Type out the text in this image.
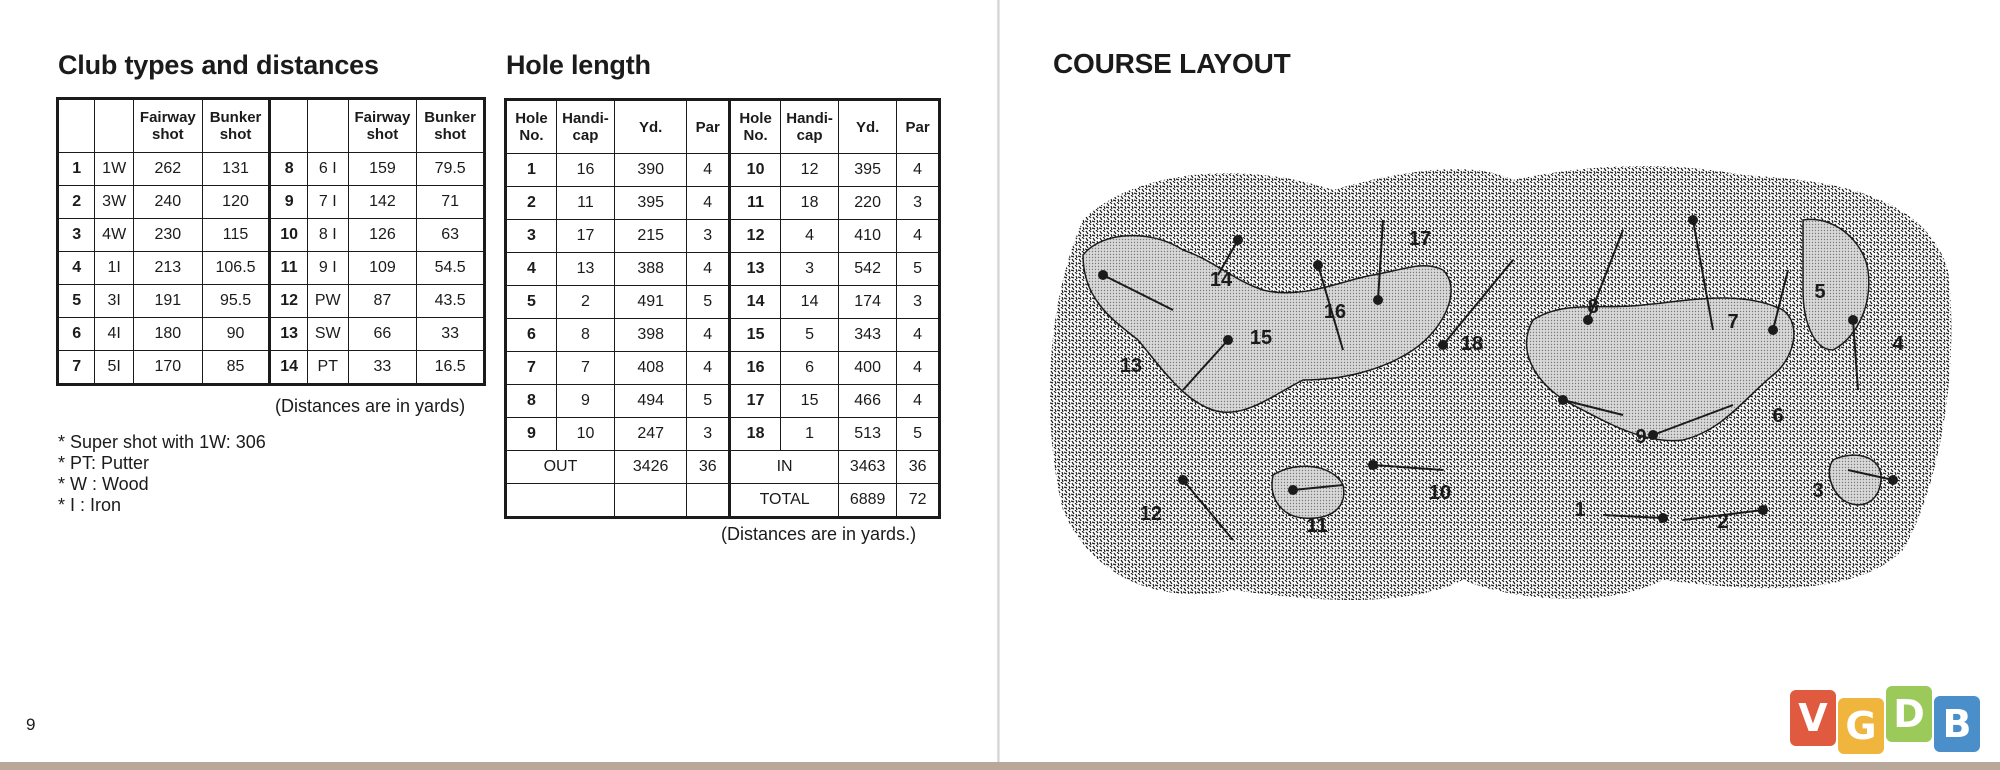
Club types and distances	Hole length
		Fairway shot	Bunker shot			Fairway shot	Bunker shot
1	1W	262	131	8	6 I	159	79.5
2	3W	240	120	9	7 I	142	71
3	4W	230	115	10	8 I	126	63
4	1I	213	106.5	11	9 I	109	54.5
5	3I	191	95.5	12	PW	87	43.5
6	4I	180	90	13	SW	66	33
7	5I	170	85	14	PT	33	16.5
(Distances are in yards)
* Super shot with 1W: 306
* PT: Putter
* W : Wood
* I : Iron
Hole No.	Handi-cap	Yd.	Par	Hole No.	Handi-cap	Yd.	Par
1	16	390	4	10	12	395	4
2	11	395	4	11	18	220	3
3	17	215	3	12	4	410	4
4	13	388	4	13	3	542	5
5	2	491	5	14	14	174	3
6	8	398	4	15	5	343	4
7	7	408	4	16	6	400	4
8	9	494	5	17	15	466	4
9	10	247	3	18	1	513	5
OUT		3426	36	IN		3463	36
				TOTAL		6889	72
(Distances are in yards.)
9
COURSE LAYOUT
1
2
3
4
5
6
7
8
9
10
11
12
13
14
15
16
17
18
V G D B
